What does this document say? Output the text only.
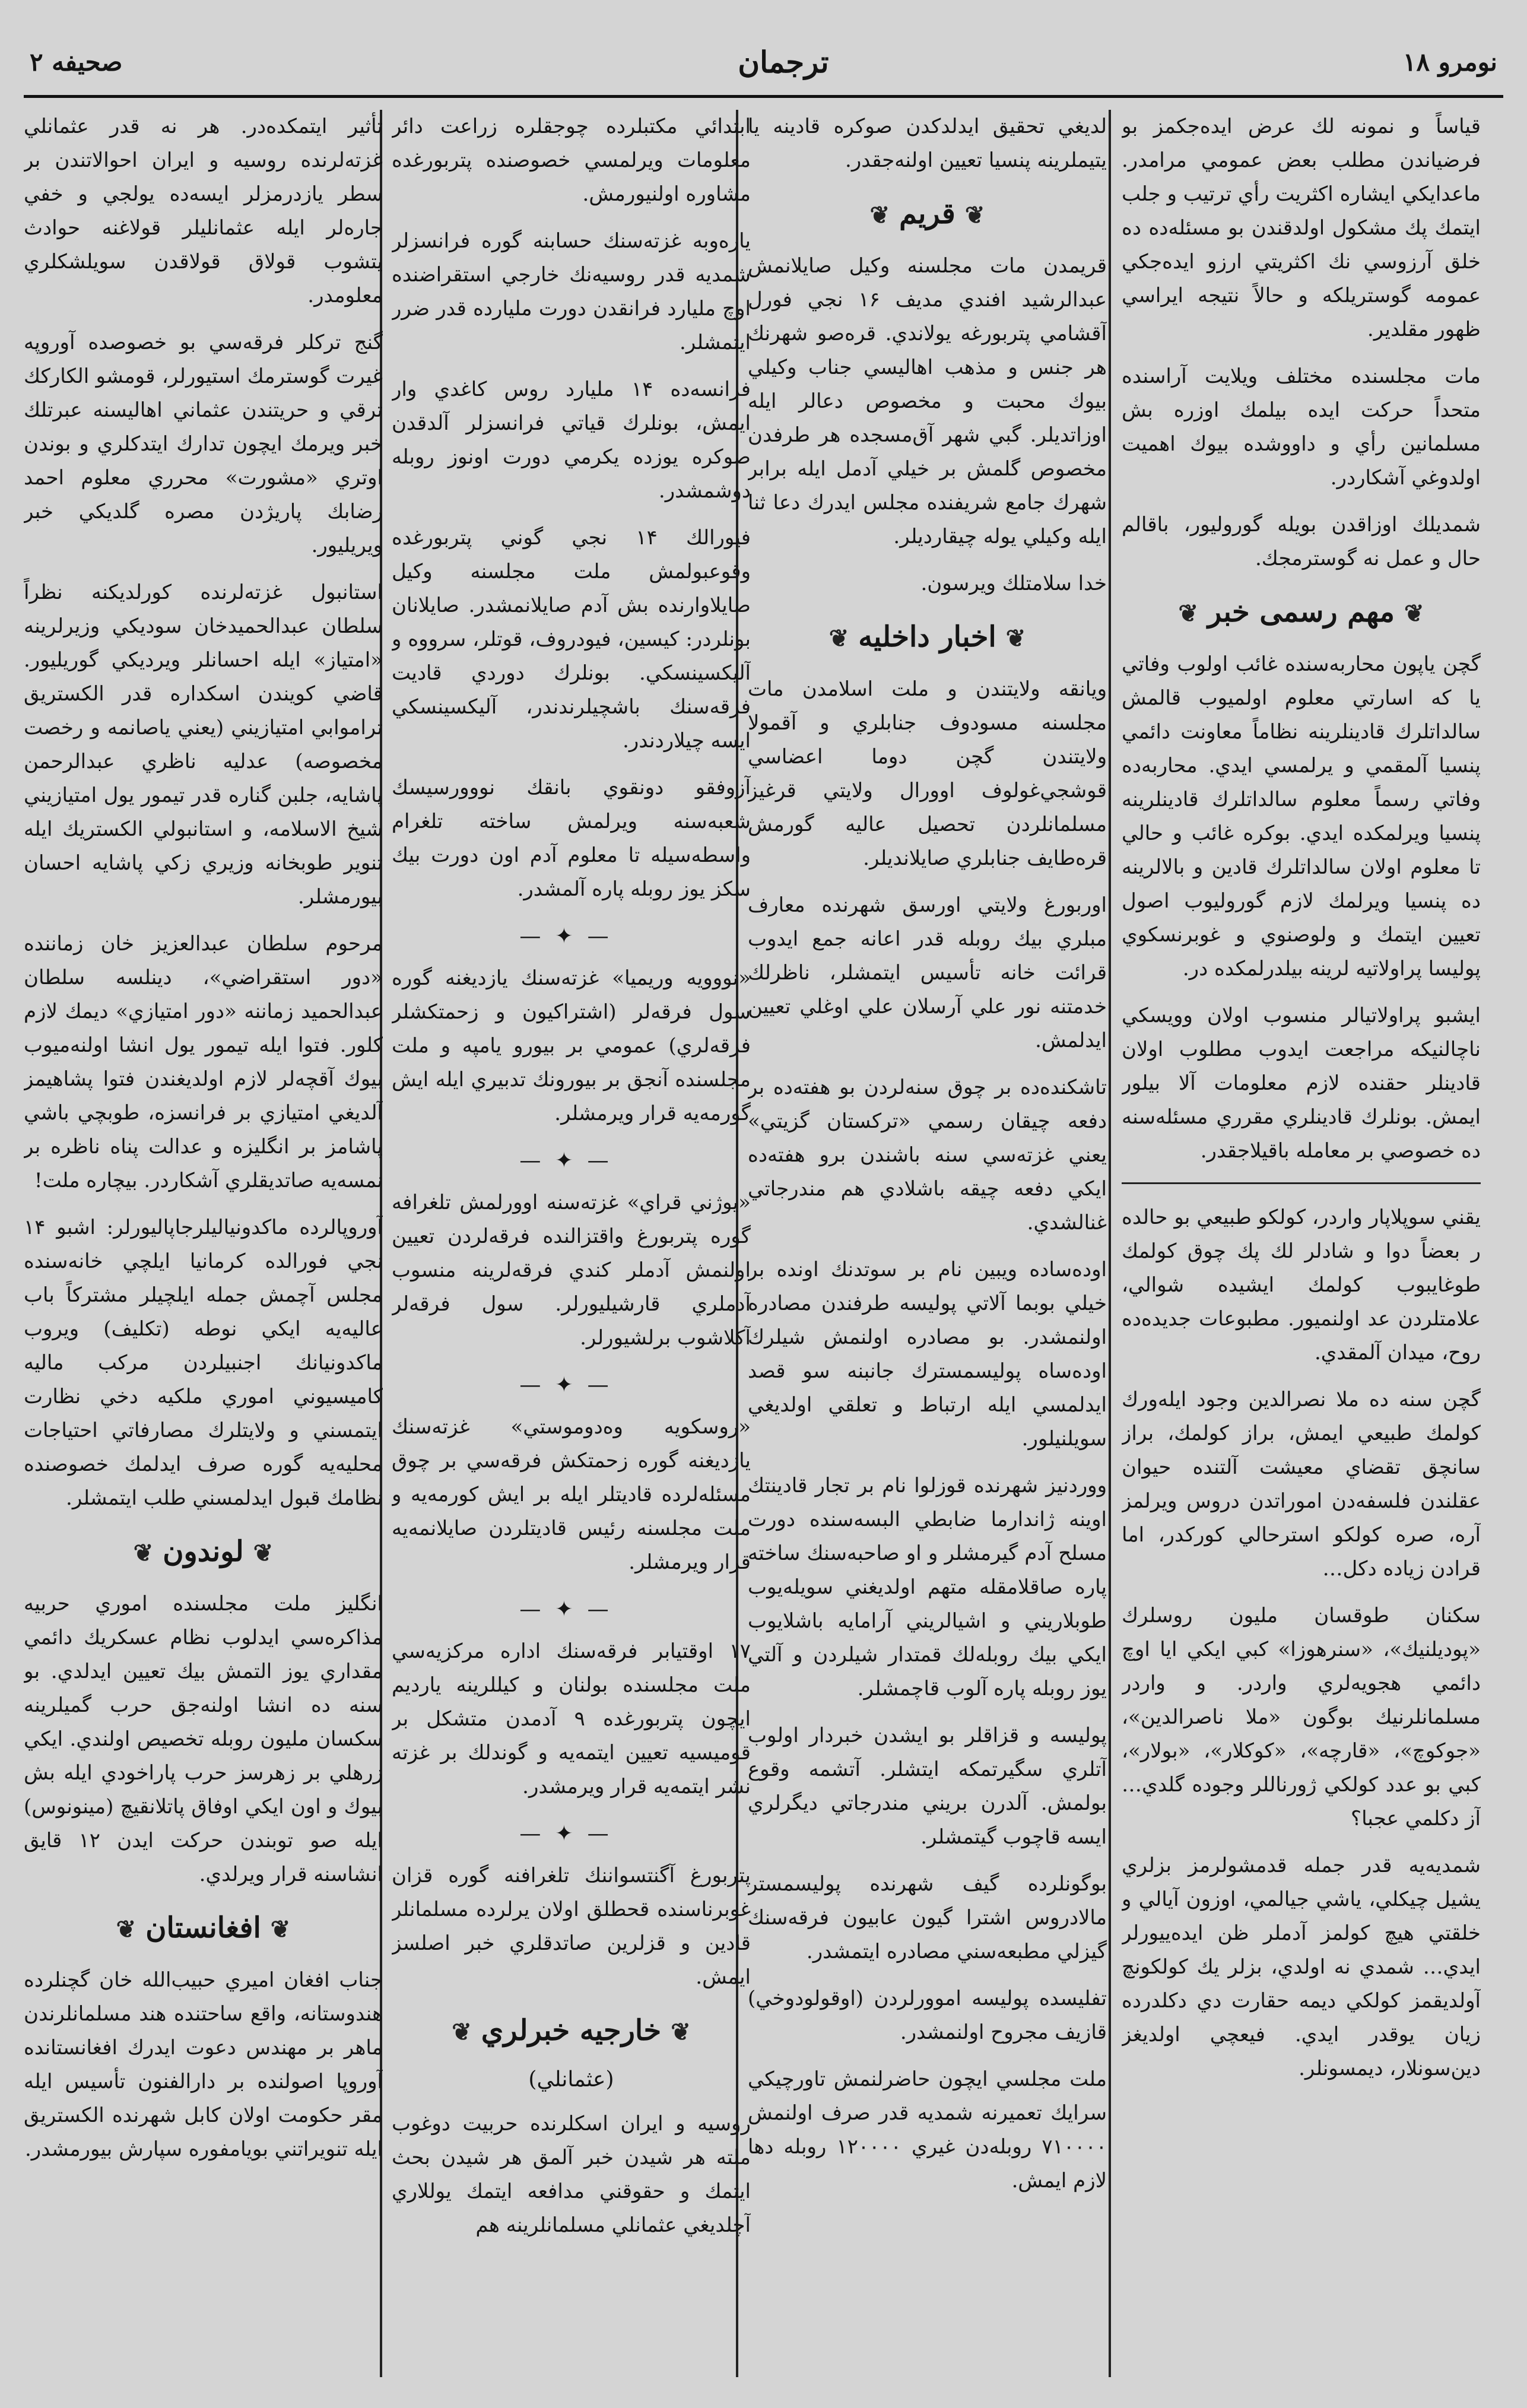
صحيفه ۲	ترجمان	نومرو ۱۸

قياساً و نمونه لك عرض ايده‌جكمز بو فرضياندن مطلب بعض عمومي مرامدر. ماعدايكي ايشاره اكثريت رأي ترتيب و جلب ايتمك پك مشكول اولدقندن بو مسئله‌ده ده خلق آرزوسي نك اكثريتي ارزو ايده‌جكي عمومه گوستريلكه و حالاً نتيجه ايراسي ظهور مقلدير.

مات مجلسنده مختلف ويلايت آراسنده متحداً حركت ايده بيلمك اوزره بش مسلمانين رأي و داووشده بيوك اهميت اولدوغي آشكاردر.

شمديلك اوزاقدن بويله گوروليور، باقالم حال و عمل نه گوسترمجك.

❦مهم رسمی خبر❦

گچن ياپون محاربه‌سنده غائب اولوب وفاتي يا كه اسارتي معلوم اولميوب قالمش سالداتلرك قادينلرينه نظاماً معاونت دائمي پنسيا آلمقمي و يرلمسي ايدي. محاربه‌ده وفاتي رسماً معلوم سالداتلرك قادينلرينه پنسيا ويرلمكده ايدي. بوكره غائب و حالي تا معلوم اولان سالداتلرك قادين و بالالرينه ده پنسيا ويرلمك لازم گوروليوب اصول تعيين ايتمك و ولوصنوي و غوبرنسكوي پوليسا پراولاتيه لرينه بيلدرلمكده در.

ايشبو پراولاتيالر منسوب اولان وويسكي ناچالنيكه مراجعت ايدوب مطلوب اولان قادينلر حقنده لازم معلومات آلا بيلور ايمش. بونلرك قادينلري مقرري مسئله‌سنه ده خصوصي بر معامله باقيلاجقدر.

يقني سوپلاپار واردر، كولكو طبيعي بو حالده ر بعضاً دوا و شادلر لك پك چوق كولمك طوغايبوب كولمك ايشيده شوالي، علامتلردن عد اولنميور. مطبوعات جديده‌ده روح، ميدان آلمقدي.

گچن سنه ده ملا نصرالدين وجود ايله‌ورك كولمك طبيعي ايمش، براز كولمك، براز سانچق تقضاي معيشت آلتنده حيوان عقلندن فلسفه‌دن اموراتدن دروس ويرلمز آره، صره كولكو استرحالي كوركدر، اما قرادن زياده دكل…

سكنان طوقسان مليون روسلرك «پوديلنيك»، «سنرهوزا» كبي ايكي ايا اوچ دائمي هجويه‌لري واردر. و واردر مسلمانلرنيك بوگون «ملا ناصرالدين»، «جوكوچ»، «قارچه»، «كوكلار»، «بولار»، كبي بو عدد كولكي ژورناللر وجوده گلدي… آز دكلمي عجبا؟

شمديه‌يه قدر جمله قدمشولرمز بزلري يشيل چيكلي، ياشي جيالمي، اوزون آيالي و خلقتي هيچ كولمز آدملر ظن ايده‌ييورلر ايدي… شمدي نه اولدي، بزلر يك كولكونچ آولديقمز كولكي ديمه حقارت دي دكلدرده زيان يوقدر ايدي. فيعچي اولديغز دين‌سونلار، ديمسونلر.

لديغي تحقيق ايدلدكدن صوكره قادينه يا يتيملرينه پنسيا تعيين اولنه‌جقدر.

❦قريم❦

قريمدن مات مجلسنه وكيل صايلانمش عبدالرشيد افندي مديف ۱۶ نجي فورل آقشامي پتربورغه يولاندي. قره‌صو شهرنك هر جنس و مذهب اهاليسي جناب وكيلي بيوك محبت و مخصوص دعالر ايله اوزاتديلر. گبي شهر آق‌مسجده هر طرفدن مخصوص گلمش بر خيلي آدمل ايله برابر شهرك جامع شريفنده مجلس ايدرك دعا ثنا ايله وكيلي يوله چيقارديلر.

خدا سلامتلك ويرسون.

❦اخبار داخليه❦

ويانقه ولايتندن و ملت اسلامدن مات مجلسنه مسودوف جنابلري و آقمولا ولايتندن گچن دوما اعضاسي قوشجي‌غولوف اوورال ولايتي قرغيز مسلمانلردن تحصيل عاليه گورمش قره‌طايف جنابلري صايلانديلر.

اوربورغ ولايتي اورسق شهرنده معارف مبلري بيك روبله قدر اعانه جمع ايدوب قرائت خانه تأسيس ايتمشلر، ناظرلك خدمتنه نور علي آرسلان علي اوغلي تعيين ايدلمش.

تاشكنده‌ده بر چوق سنه‌لردن بو هفته‌ده بر دفعه چيقان رسمي «تركستان گزيتي» يعني غزته‌سي سنه باشندن برو هفته‌ده ايكي دفعه چيقه باشلادي هم مندرجاتي غنالشدي.

اوده‌ساده ويبين نام بر سوتدنك اونده بر خيلي بوبما آلاتي پوليسه طرفندن مصادره اولنمشدر. بو مصادره اولنمش شيلرك اوده‌ساه پوليسمسترك جانبنه سو قصد ايدلمسي ايله ارتباط و تعلقي اولديغي سويلنيلور.

ووردنيز شهرنده قوزلوا نام بر تجار قادينتك اوينه ژاندارما ضابطي البسه‌سنده دورت مسلح آدم گيرمشلر و او صاحبه‌سنك ساخته پاره صاقلامقله متهم اولديغني سويله‌يوب طوبلاريني و اشيالريني آرامايه باشلايوب ايكي بيك روبله‌لك قمتدار شيلردن و آلتي يوز روبله پاره آلوب قاچمشلر.

پوليسه و قزاقلر بو ايشدن خبردار اولوب آتلري سگيرتمكه ايتشلر. آتشمه وقوع بولمش. آلدرن بريني مندرجاتي ديگرلري ايسه قاچوب گيتمشلر.

بوگونلرده گيف شهرنده پوليسمستر مالادروس اشترا گيون عابيون فرقه‌سنك گيزلي مطبعه‌سني مصادره ايتمشدر.

تفليسده پوليسه اموورلردن (اوقولودوخي) قازيف مجروح اولنمشدر.

ملت مجلسي ايچون حاضرلنمش تاورچيكي سرايك تعميرنه شمديه قدر صرف اولنمش ۷۱۰۰۰۰ روبله‌دن غيري ۱۲۰۰۰۰ روبله دها لازم ايمش.

ابتدائي مكتبلرده چوجقلره زراعت دائر معلومات ويرلمسي خصوصنده پتربورغده مشاوره اولنيورمش.

ياره‌وبه غزته‌سنك حسابنه گوره فرانسزلر شمديه قدر روسيه‌نك خارجي استقراضنده اوچ مليارد فرانقدن دورت مليارده قدر ضرر ايتمشلر.

فرانسه‌ده ۱۴ مليارد روس كاغدي وار ايمش، بونلرك قياتي فرانسزلر آلدقدن صوكره يوزده يكرمي دورت اونوز روبله دوشمشدر.

فيورالك ۱۴ نجي گوني پتربورغده وقوعبولمش ملت مجلسنه وكيل صايلاوارنده بش آدم صايلانمشدر. صايلانان بونلردر: كيسين، فيودروف، قوتلر، سرووه و آليكسينسكي. بونلرك دوردي قاديت فرقه‌سنك باشچيلرندندر، آليكسينسكي ايسه چيلاردندر.

آزوفقو دونقوي بانقك نووورسيسك شعبه‌سنه ويرلمش ساخته تلغرام واسطه‌سيله تا معلوم آدم اون دورت بيك سكز يوز روبله پاره آلمشدر.

—✦—

«نووويه وريميا» غزته‌سنك يازديغنه گوره سول فرقه‌لر (اشتراكيون و زحمتكشلر فرقه‌لري) عمومي بر بيورو يامپه و ملت مجلسنده آنجق بر بيورونك تدبيري ايله ايش گورمه‌يه قرار ويرمشلر.

—✦—

«يوژني قراي» غزته‌سنه اوورلمش تلغرافه گوره پتربورغ واقتزالنده فرقه‌لردن تعيين اولنمش آدملر كندي فرقه‌لرينه منسوب آدملري قارشيليورلر. سول فرقه‌لر آكلاشوب برلشيورلر.

—✦—

«روسكويه وه‌دوموستي» غزته‌سنك يازديغنه گوره زحمتكش فرقه‌سي بر چوق مسئله‌لرده قاديتلر ايله بر ايش كورمه‌يه و ملت مجلسنه رئيس قاديتلردن صايلانمه‌يه قرار ويرمشلر.

—✦—

۱۷ اوقتيابر فرقه‌سنك اداره مركزيه‌سي ملت مجلسنده بولنان و كيللرينه يارديم ايچون پتربورغده ۹ آدمدن متشكل بر قوميسيه تعيين ايتمه‌يه و گوندلك بر غزته نشر ايتمه‌يه قرار ويرمشدر.

—✦—

پتربورغ آگنتسواننك تلغرافنه گوره قزان غوبرناسنده قحطلق اولان يرلرده مسلمانلر قادين و قزلرين صاتدقلري خبر اصلسز ايمش.

❦خارجيه خبرلري❦
(عثمانلي)

روسيه و ايران اسكلرنده حربيت دوغوب ملته هر شيدن خبر آلمق هر شيدن بحث ايتمك و حقوقني مدافعه ايتمك يوللاري آچلديغي عثمانلي مسلمانلرينه هم

تأثير ايتمكده‌در. هر نه قدر عثمانلي غزته‌لرنده روسيه و ايران احوالاتندن بر سطر يازدرمزلر ايسه‌ده يولجي و خفي جاره‌لر ايله عثمانليلر قولاغنه حوادث يتشوب قولاق قولاقدن سويلشكلري معلومدر.

گنج تركلر فرقه‌سي بو خصوصده آوروپه غيرت گوسترمك استيورلر، قومشو الكاركك ترقي و حريتندن عثماني اهاليسنه عبرتلك خبر ويرمك ايچون تدارك ايتدكلري و بوندن اوتري «مشورت» محرري معلوم احمد رضابك پاريژدن مصره گلديكي خبر ويريليور.

استانبول غزته‌لرنده كورلديكنه نظراً سلطان عبدالحميدخان سوديكي وزيرلرينه «امتياز» ايله احسانلر ويرديكي گوريليور. قاضي كويندن اسكداره قدر الكستريق تراموابي امتيازيني (يعني ياصانمه و رخصت مخصوصه) عدليه ناظري عبدالرحمن پاشايه، جلبن گناره قدر تيمور يول امتيازيني شيخ الاسلامه، و استانبولي الكستريك ايله تنوير طوبخانه وزيري زكي پاشايه احسان بيورمشلر.

مرحوم سلطان عبدالعزيز خان زماننده «دور استقراضي»، دينلسه سلطان عبدالحميد زماننه «دور امتيازي» ديمك لازم كلور. فتوا ايله تيمور يول انشا اولنه‌ميوب بيوك آقچه‌لر لازم اولديغندن فتوا پشاهيمز آلديغي امتيازي بر فرانسزه، طوبچي باشي پاشامز بر انگليزه و عدالت پناه ناظره بر نمسه‌يه صاتديقلري آشكاردر. بيچاره ملت!

آوروپالرده ماكدونياليلرجاپاليورلر: اشبو ۱۴ نجي فورالده كرمانيا ايلچي خانه‌سنده مجلس آچمش جمله ايلچيلر مشتركاً باب عاليه‌يه ايكي نوطه (تكليف) ويروب ماكدونيانك اجنبيلردن مركب ماليه كاميسيوني اموري ملكيه دخي نظارت ايتمسني و ولايتلرك مصارفاتي احتياجات محليه‌يه گوره صرف ايدلمك خصوصنده نظامك قبول ايدلمسني طلب ايتمشلر.

❦لوندون❦

انگليز ملت مجلسنده اموري حربيه مذاكره‌سي ايدلوب نظام عسكريك دائمي مقداري يوز التمش بيك تعيين ايدلدي. بو سنه ده انشا اولنه‌جق حرب گميلرينه سكسان مليون روبله تخصيص اولندي. ايكي زرهلي بر زهرسز حرب پاراخودي ايله بش بيوك و اون ايكي اوفاق پاتلانقيچ (مينونوس) ايله صو توبندن حركت ايدن ۱۲ قايق انشاسنه قرار ويرلدي.

❦افغانستان❦

جناب افغان اميري حبيب‌الله خان گچنلرده هندوستانه، واقع ساحتنده هند مسلمانلرندن ماهر بر مهندس دعوت ايدرك افغانستانده آوروپا اصولنده بر دارالفنون تأسيس ايله مقر حكومت اولان كابل شهرنده الكستريق ايله تنويراتني بويامفوره سپارش بيورمشدر.
